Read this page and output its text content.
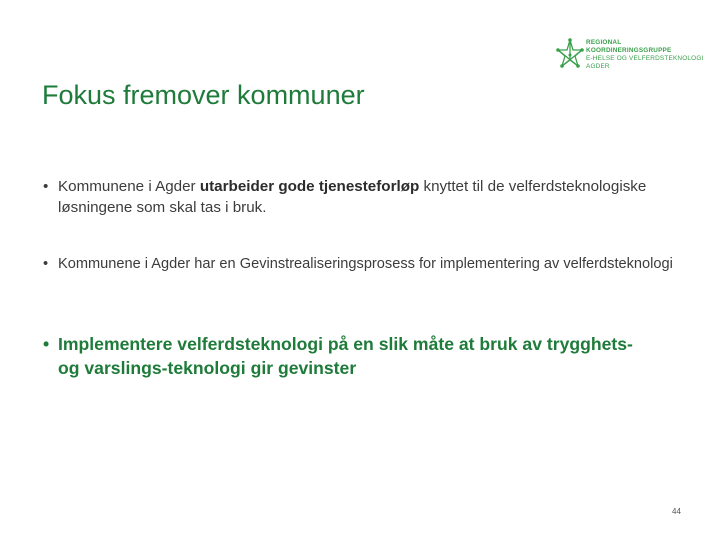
REGIONAL
KOORDINERINGSGRUPPE
E-HELSE OG VELFERDSTEKNOLOGI
AGDER
Fokus fremover kommuner
• Kommunene i Agder utarbeider gode tjenesteforløp knyttet til de velferdsteknologiske løsningene som skal tas i bruk.
• Kommunene i Agder har en Gevinstrealiseringsprosess for implementering av velferdsteknologi
• Implementere velferdsteknologi på en slik måte at bruk av trygghets- og varslings-teknologi gir gevinster
44
